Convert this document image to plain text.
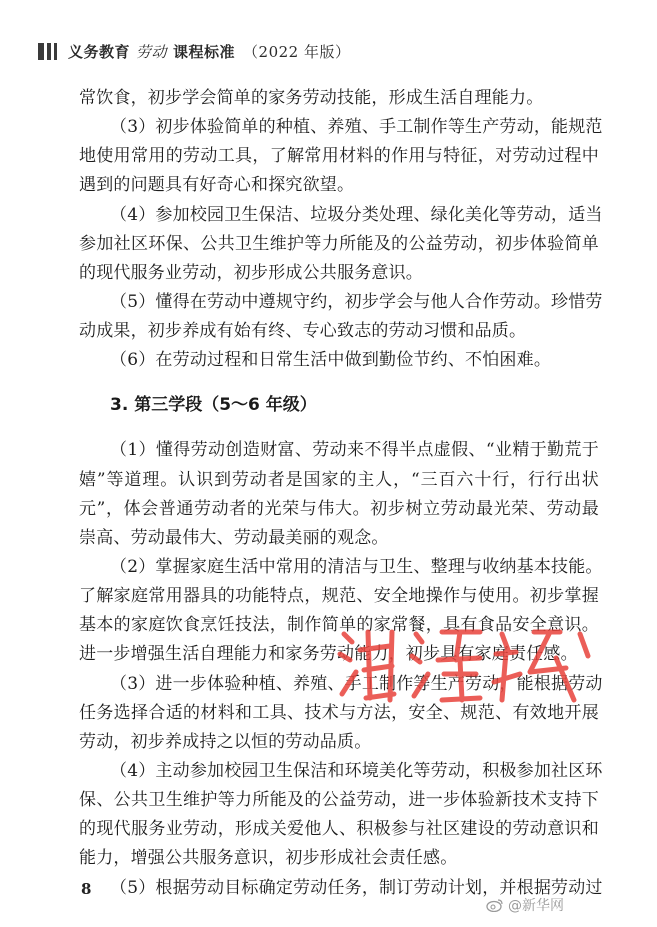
义务教育 劳动 课程标准 （2022 年版）
常饮食，初步学会简单的家务劳动技能，形成生活自理能力。
（3）初步体验简单的种植、养殖、手工制作等生产劳动，能规范
地使用常用的劳动工具，了解常用材料的作用与特征，对劳动过程中
遇到的问题具有好奇心和探究欲望。
（4）参加校园卫生保洁、垃圾分类处理、绿化美化等劳动，适当
参加社区环保、公共卫生维护等力所能及的公益劳动，初步体验简单
的现代服务业劳动，初步形成公共服务意识。
（5）懂得在劳动中遵规守约，初步学会与他人合作劳动。珍惜劳
动成果，初步养成有始有终、专心致志的劳动习惯和品质。
（6）在劳动过程和日常生活中做到勤俭节约、不怕困难。
3. 第三学段（5～6 年级）
（1）懂得劳动创造财富、劳动来不得半点虚假、“业精于勤荒于
嬉”等道理。认识到劳动者是国家的主人，“三百六十行，行行出状
元”，体会普通劳动者的光荣与伟大。初步树立劳动最光荣、劳动最
崇高、劳动最伟大、劳动最美丽的观念。
（2）掌握家庭生活中常用的清洁与卫生、整理与收纳基本技能。
了解家庭常用器具的功能特点，规范、安全地操作与使用。初步掌握
基本的家庭饮食烹饪技法，制作简单的家常餐，具有食品安全意识。
进一步增强生活自理能力和家务劳动能力，初步具有家庭责任感。
（3）进一步体验种植、养殖、手工制作等生产劳动，能根据劳动
任务选择合适的材料和工具、技术与方法，安全、规范、有效地开展
劳动，初步养成持之以恒的劳动品质。
（4）主动参加校园卫生保洁和环境美化等劳动，积极参加社区环
保、公共卫生维护等力所能及的公益劳动，进一步体验新技术支持下
的现代服务业劳动，形成关爱他人、积极参与社区建设的劳动意识和
能力，增强公共服务意识，初步形成社会责任感。
（5）根据劳动目标确定劳动任务，制订劳动计划，并根据劳动过
8
@新华网
